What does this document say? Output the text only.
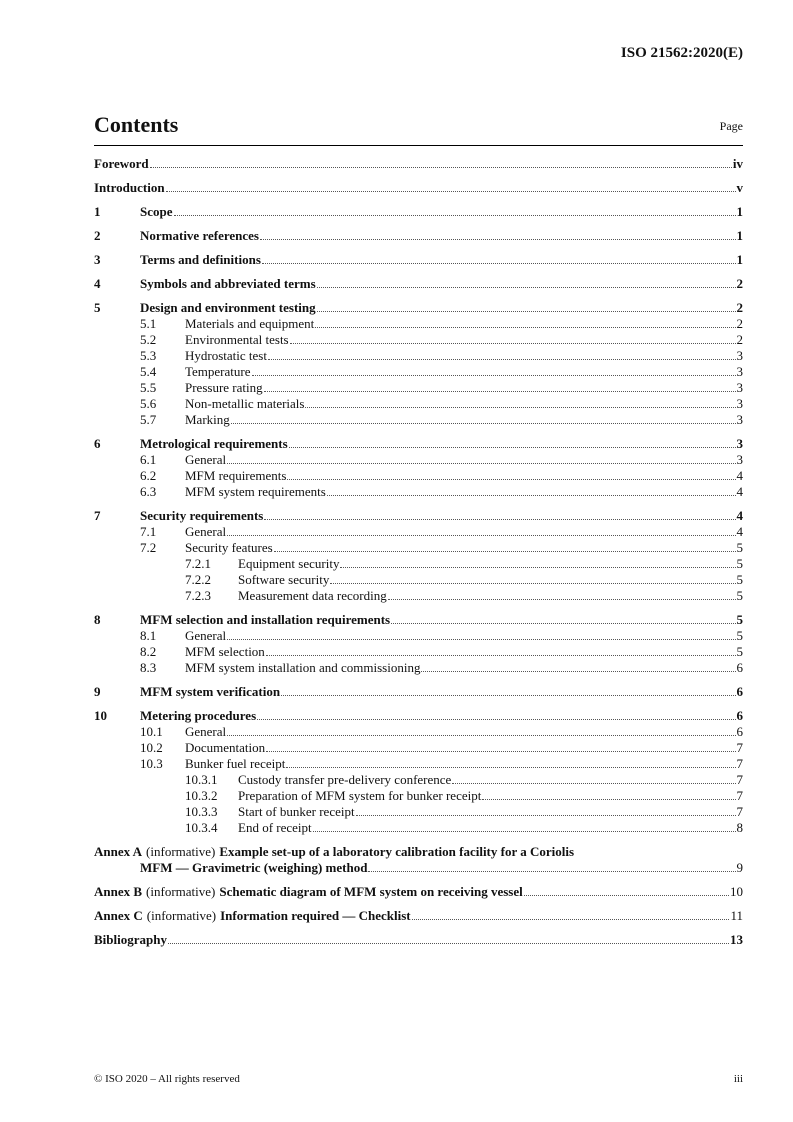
ISO 21562:2020(E)
Contents	Page
Foreword	iv
Introduction	v
1	Scope	1
2	Normative references	1
3	Terms and definitions	1
4	Symbols and abbreviated terms	2
5	Design and environment testing	2
5.1	Materials and equipment	2
5.2	Environmental tests	2
5.3	Hydrostatic test	3
5.4	Temperature	3
5.5	Pressure rating	3
5.6	Non-metallic materials	3
5.7	Marking	3
6	Metrological requirements	3
6.1	General	3
6.2	MFM requirements	4
6.3	MFM system requirements	4
7	Security requirements	4
7.1	General	4
7.2	Security features	5
7.2.1	Equipment security	5
7.2.2	Software security	5
7.2.3	Measurement data recording	5
8	MFM selection and installation requirements	5
8.1	General	5
8.2	MFM selection	5
8.3	MFM system installation and commissioning	6
9	MFM system verification	6
10	Metering procedures	6
10.1	General	6
10.2	Documentation	7
10.3	Bunker fuel receipt	7
10.3.1	Custody transfer pre-delivery conference	7
10.3.2	Preparation of MFM system for bunker receipt	7
10.3.3	Start of bunker receipt	7
10.3.4	End of receipt	8
Annex A (informative) Example set-up of a laboratory calibration facility for a Coriolis
MFM — Gravimetric (weighing) method	9
Annex B (informative) Schematic diagram of MFM system on receiving vessel	10
Annex C (informative) Information required — Checklist	11
Bibliography	13
© ISO 2020 – All rights reserved	iii
